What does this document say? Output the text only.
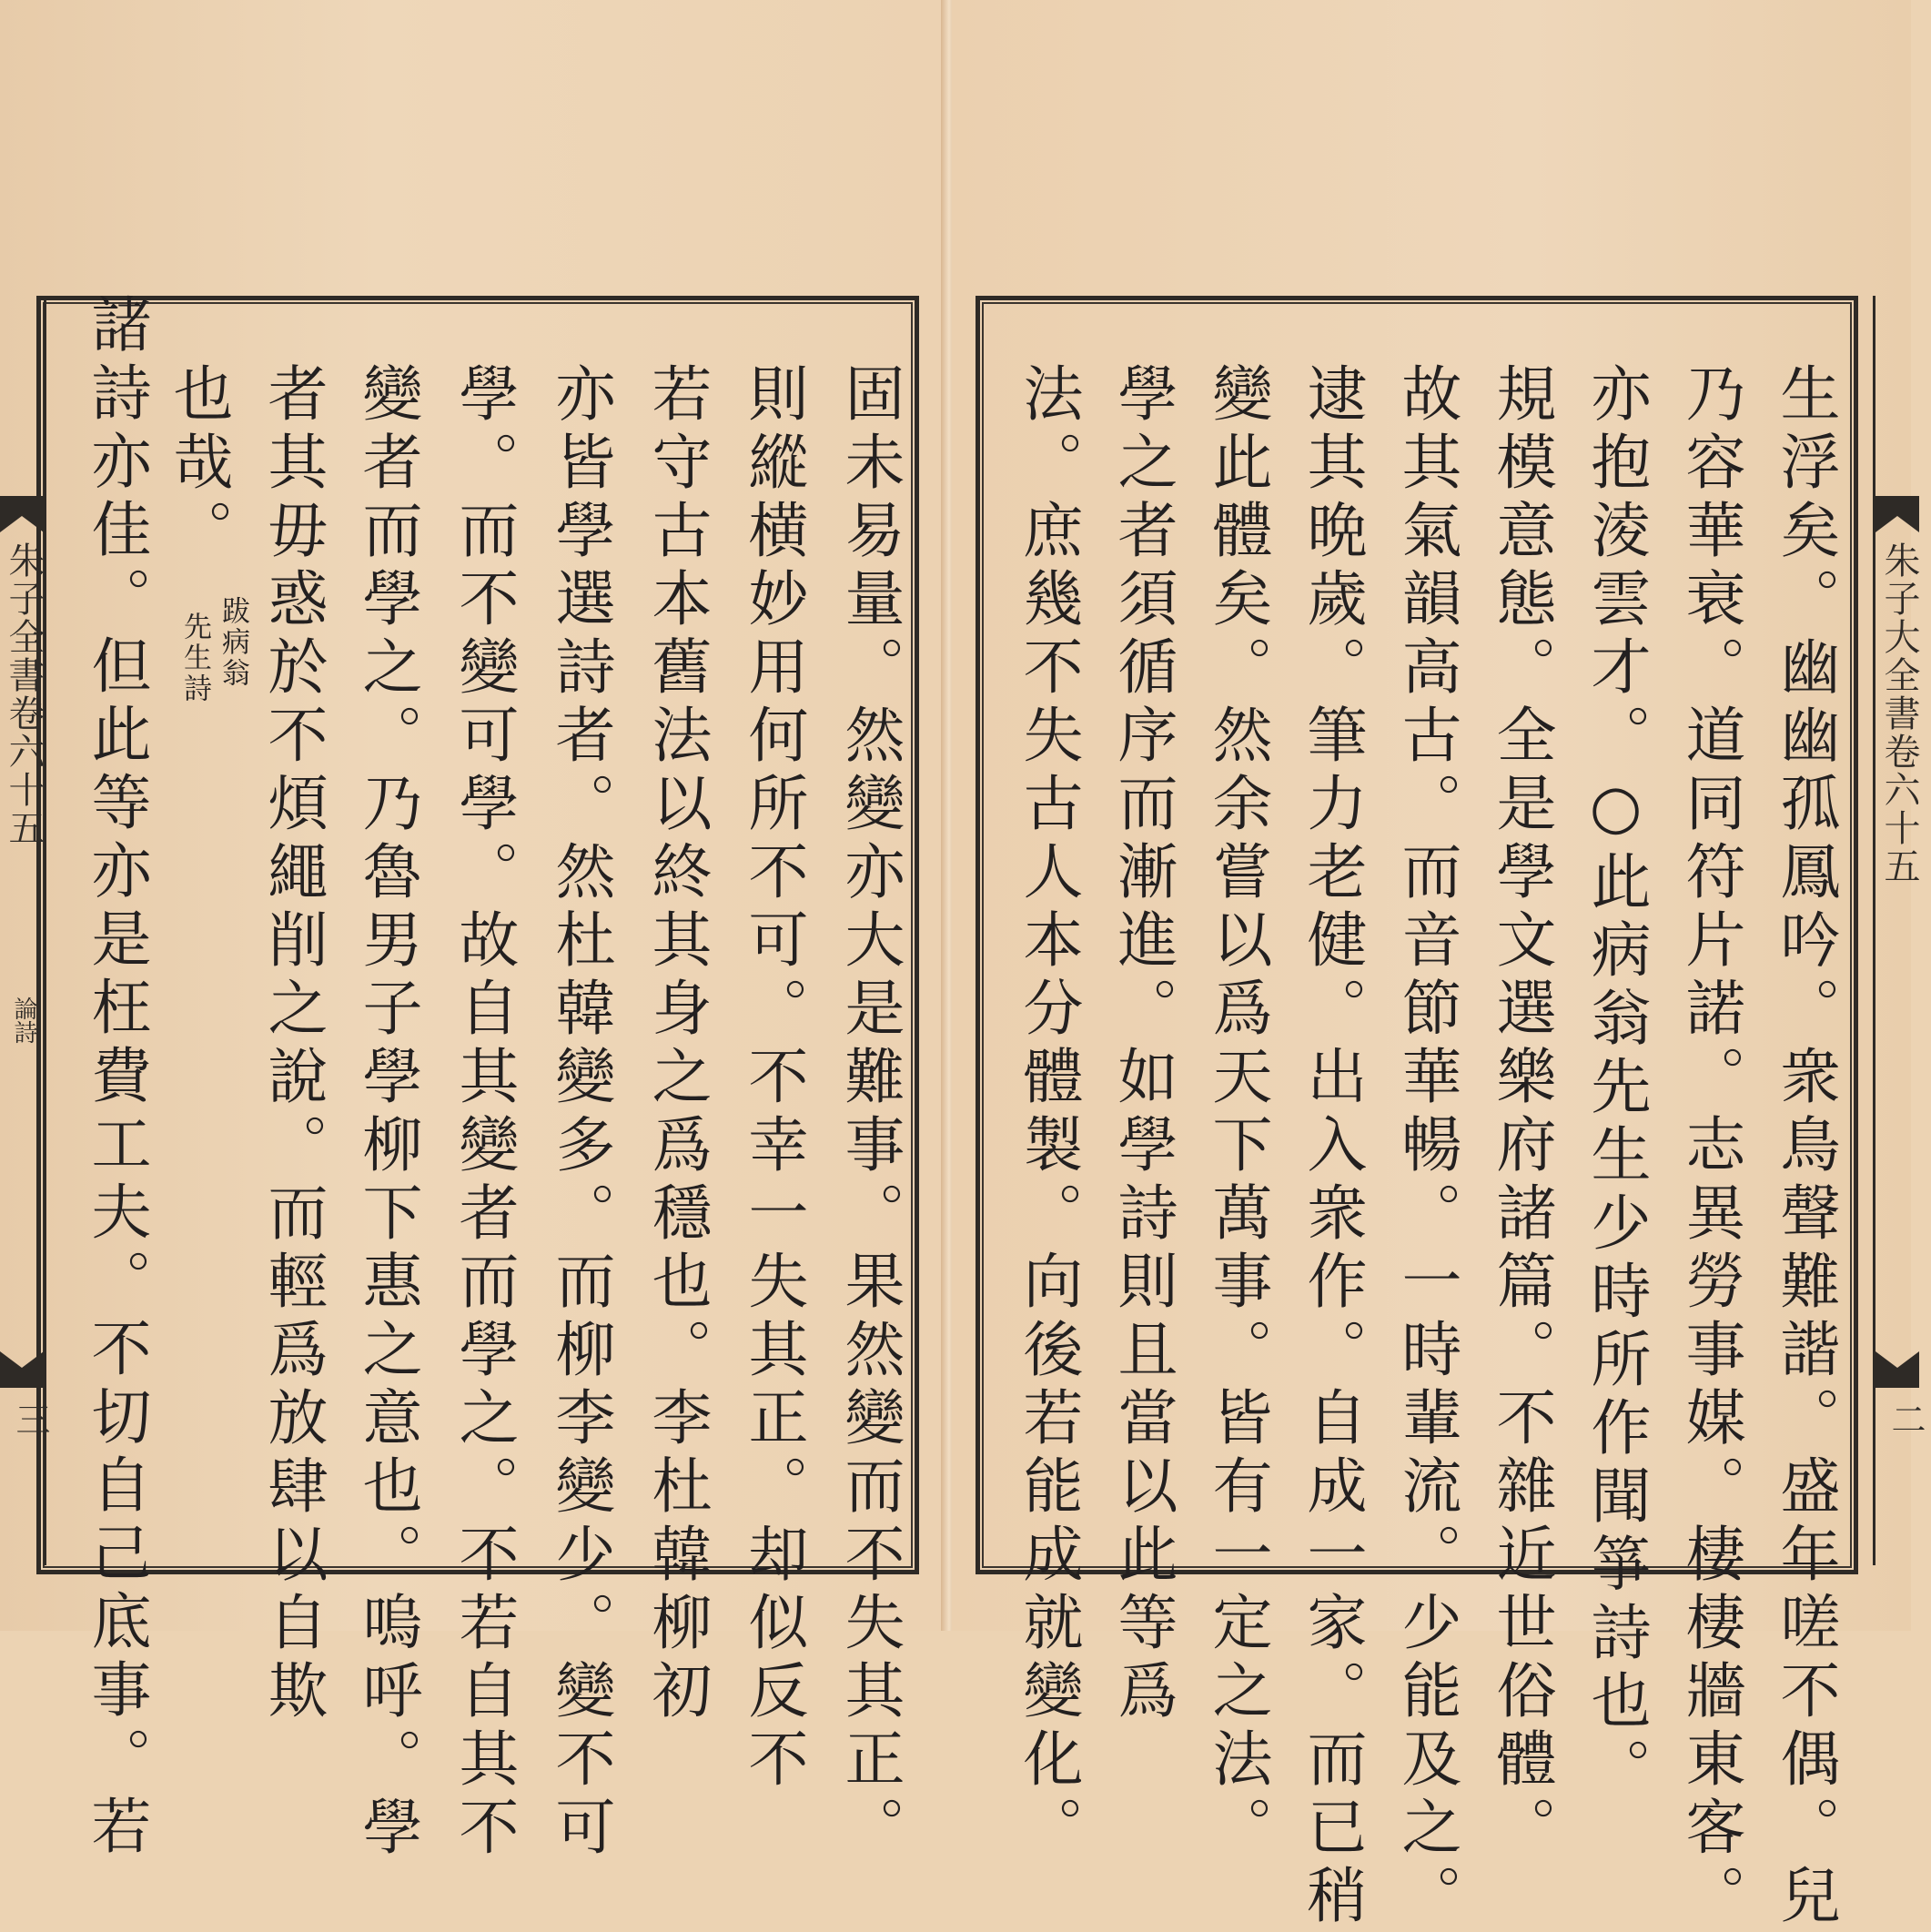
朱子全書卷六十五
論詩
三	固未易量。然變亦大是難事。果然變而不失其正。
則縱横妙用何所不可。不幸一失其正。却似反不
若守古本舊法以終其身之爲穩也。李杜韓柳初
亦皆學選詩者。然杜韓變多。而柳李變少。變不可
學。而不變可學。故自其變者而學之。不若自其不
變者而學之。乃魯男子學柳下惠之意也。嗚呼。學
者其毋惑於不煩繩削之說。而輕爲放肆以自欺
也哉。
跋病翁
先生詩
諸詩亦佳。但此等亦是枉費工夫。不切自己底事。若	朱子大全書卷六十五
二
生浮矣。幽幽孤鳳吟。衆鳥聲難諧。盛年嗟不偶。兒
乃容華衰。道同符片諾。志異勞事媒。棲棲牆東客。
亦抱淩雲才。○此病翁先生少時所作聞箏詩也。
規模意態。全是學文選樂府諸篇。不雜近世俗體。
故其氣韻高古。而音節華暢。一時輩流。少能及之。
逮其晩歲。筆力老健。出入衆作。自成一家。而已稍
變此體矣。然余嘗以爲天下萬事。皆有一定之法。
學之者須循序而漸進。如學詩則且當以此等爲
法。庶幾不失古人本分體製。向後若能成就變化。
